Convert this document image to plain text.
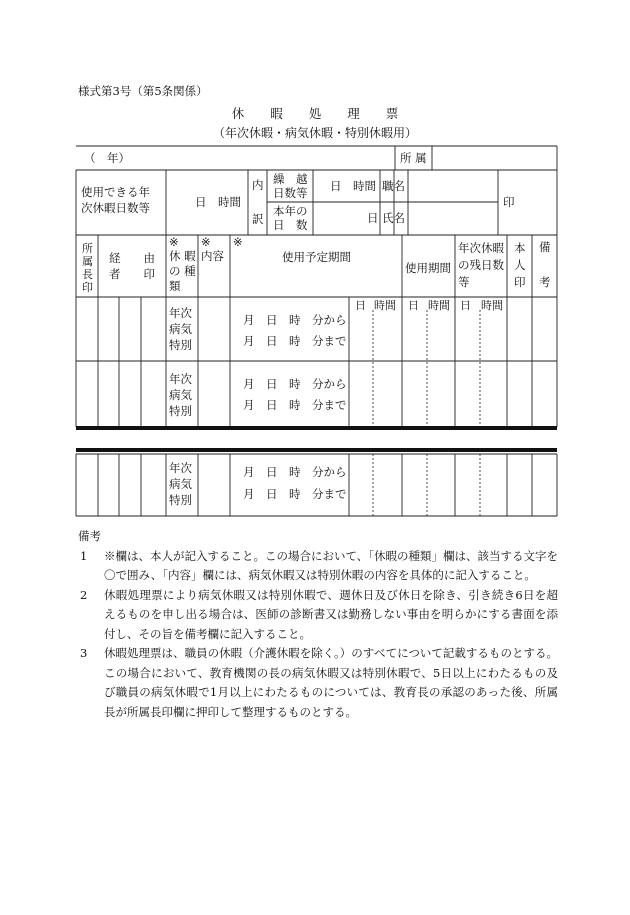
様式第3号（第5条関係）
休暇処理票
（年次休暇・病気休暇・特別休暇用）
（　年）	所 属
使用できる年
次休暇日数等	日　時間
内
訳
繰　越
日数等
本年の
日　数
日　時間
日
職名
氏名
印
所属長印
経　　由
者　　印
※
休 暇
の 種
類
※
内容
※
使用予定期間
使用期間
年次休暇
の残日数
等
本
人
印
備
考
日 時間 日 時間 日 時間
年次
病気
特別
月　日　時　分から
月　日　時　分まで
年次
病気
特別
月　日　時　分から
月　日　時　分まで
年次
病気
特別
月　日　時　分から
月　日　時　分まで
備考
1 ※欄は、本人が記入すること。この場合において、「休暇の種類」欄は、該当する文字を〇で囲み、「内容」欄には、病気休暇又は特別休暇の内容を具体的に記入すること。
2 休暇処理票により病気休暇又は特別休暇で、週休日及び休日を除き、引き続き6日を超えるものを申し出る場合は、医師の診断書又は勤務しない事由を明らかにする書面を添付し、その旨を備考欄に記入すること。
3 休暇処理票は、職員の休暇（介護休暇を除く。）のすべてについて記載するものとする。この場合において、教育機関の長の病気休暇又は特別休暇で、5日以上にわたるもの及び職員の病気休暇で1月以上にわたるものについては、教育長の承認のあった後、所属長が所属長印欄に押印して整理するものとする。
